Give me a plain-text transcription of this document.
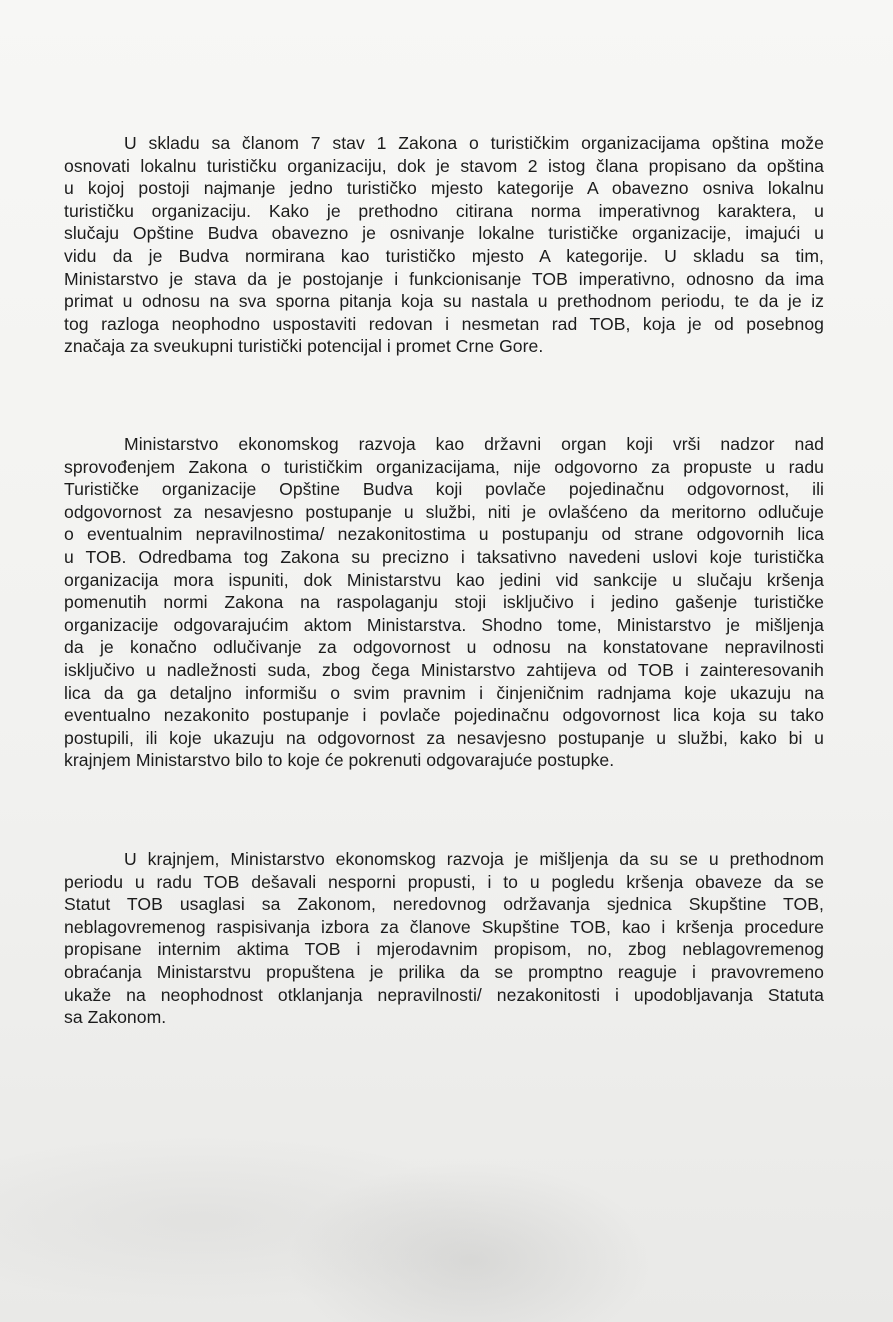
U skladu sa članom 7 stav 1 Zakona o turističkim organizacijama opština može
osnovati lokalnu turističku organizaciju, dok je stavom 2 istog člana propisano da opština
u kojoj postoji najmanje jedno turističko mjesto kategorije A obavezno osniva lokalnu
turističku organizaciju. Kako je prethodno citirana norma imperativnog karaktera, u
slučaju Opštine Budva obavezno je osnivanje lokalne turističke organizacije, imajući u
vidu da je Budva normirana kao turističko mjesto A kategorije. U skladu sa tim,
Ministarstvo je stava da je postojanje i funkcionisanje TOB imperativno, odnosno da ima
primat u odnosu na sva sporna pitanja koja su nastala u prethodnom periodu, te da je iz
tog razloga neophodno uspostaviti redovan i nesmetan rad TOB, koja je od posebnog
značaja za sveukupni turistički potencijal i promet Crne Gore.
Ministarstvo ekonomskog razvoja kao državni organ koji vrši nadzor nad
sprovođenjem Zakona o turističkim organizacijama, nije odgovorno za propuste u radu
Turističke organizacije Opštine Budva koji povlače pojedinačnu odgovornost, ili
odgovornost za nesavjesno postupanje u službi, niti je ovlašćeno da meritorno odlučuje
o eventualnim nepravilnostima/ nezakonitostima u postupanju od strane odgovornih lica
u TOB. Odredbama tog Zakona su precizno i taksativno navedeni uslovi koje turistička
organizacija mora ispuniti, dok Ministarstvu kao jedini vid sankcije u slučaju kršenja
pomenutih normi Zakona na raspolaganju stoji isključivo i jedino gašenje turističke
organizacije odgovarajućim aktom Ministarstva. Shodno tome, Ministarstvo je mišljenja
da je konačno odlučivanje za odgovornost u odnosu na konstatovane nepravilnosti
isključivo u nadležnosti suda, zbog čega Ministarstvo zahtijeva od TOB i zainteresovanih
lica da ga detaljno informišu o svim pravnim i činjeničnim radnjama koje ukazuju na
eventualno nezakonito postupanje i povlače pojedinačnu odgovornost lica koja su tako
postupili, ili koje ukazuju na odgovornost za nesavjesno postupanje u službi, kako bi u
krajnjem Ministarstvo bilo to koje će pokrenuti odgovarajuće postupke.
U krajnjem, Ministarstvo ekonomskog razvoja je mišljenja da su se u prethodnom
periodu u radu TOB dešavali nesporni propusti, i to u pogledu kršenja obaveze da se
Statut TOB usaglasi sa Zakonom, neredovnog održavanja sjednica Skupštine TOB,
neblagovremenog raspisivanja izbora za članove Skupštine TOB, kao i kršenja procedure
propisane internim aktima TOB i mjerodavnim propisom, no, zbog neblagovremenog
obraćanja Ministarstvu propuštena je prilika da se promptno reaguje i pravovremeno
ukaže na neophodnost otklanjanja nepravilnosti/ nezakonitosti i upodobljavanja Statuta
sa Zakonom.
